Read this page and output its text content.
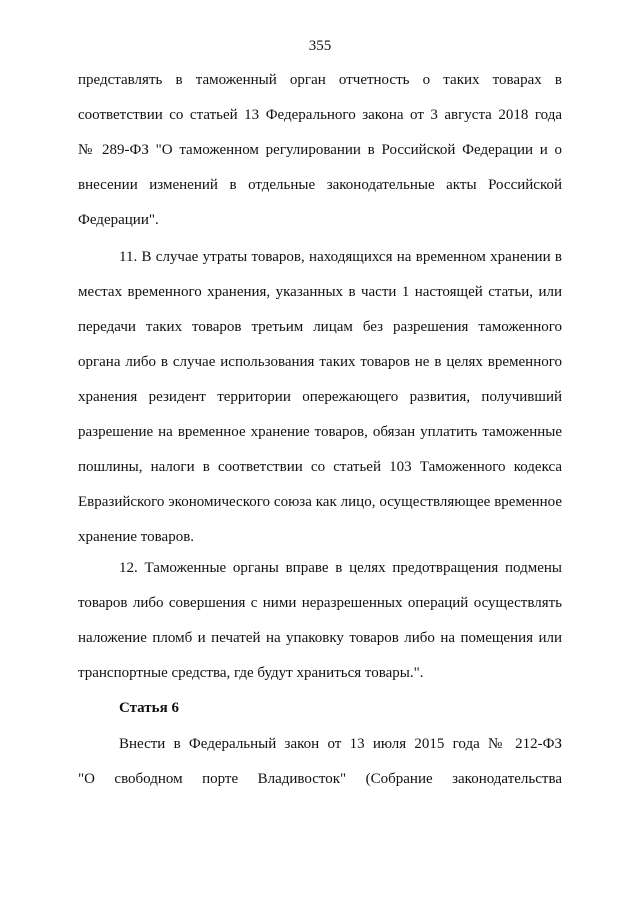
355
представлять в таможенный орган отчетность о таких товарах в
соответствии со статьей 13 Федерального закона от 3 августа 2018 года
№ 289-ФЗ "О таможенном регулировании в Российской Федерации и о
внесении изменений в отдельные законодательные акты Российской
Федерации".
11. В случае утраты товаров, находящихся на временном хранении в
местах временного хранения, указанных в части 1 настоящей статьи, или
передачи таких товаров третьим лицам без разрешения таможенного
органа либо в случае использования таких товаров не в целях временного
хранения резидент территории опережающего развития, получивший
разрешение на временное хранение товаров, обязан уплатить таможенные
пошлины, налоги в соответствии со статьей 103 Таможенного кодекса
Евразийского экономического союза как лицо, осуществляющее временное
хранение товаров.
12. Таможенные органы вправе в целях предотвращения подмены
товаров либо совершения с ними неразрешенных операций осуществлять
наложение пломб и печатей на упаковку товаров либо на помещения или
транспортные средства, где будут храниться товары.".
Статья 6
Внести в Федеральный закон от 13 июля 2015 года № 212-ФЗ
"О свободном порте Владивосток" (Собрание законодательства
